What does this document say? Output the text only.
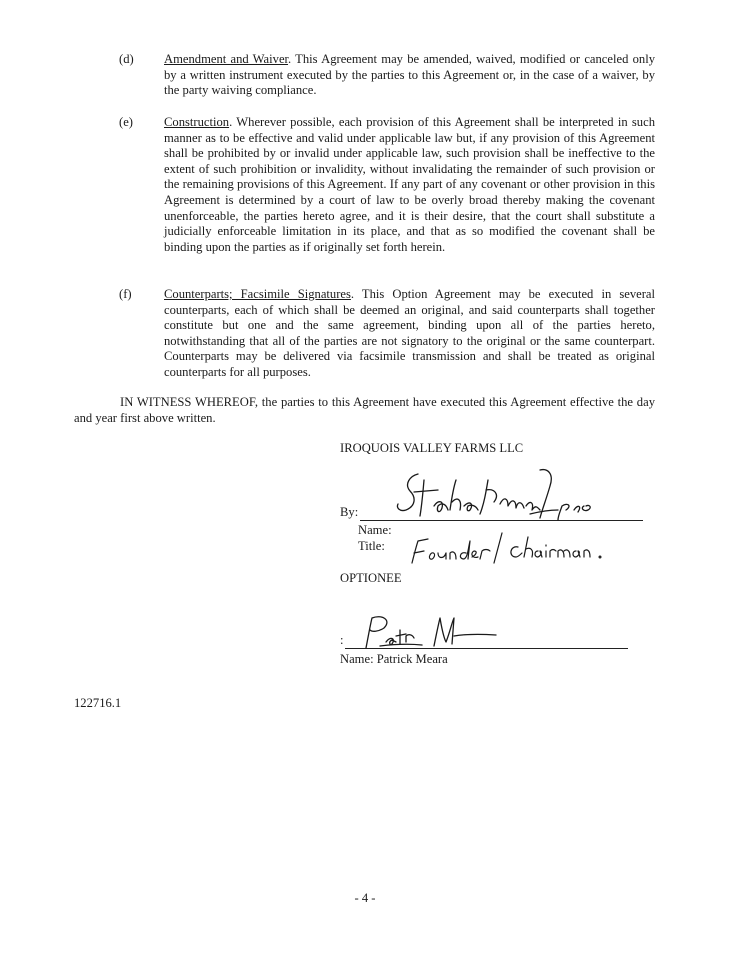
(d) Amendment and Waiver. This Agreement may be amended, waived, modified or canceled only by a written instrument executed by the parties to this Agreement or, in the case of a waiver, by the party waiving compliance.
(e) Construction. Wherever possible, each provision of this Agreement shall be interpreted in such manner as to be effective and valid under applicable law but, if any provision of this Agreement shall be prohibited by or invalid under applicable law, such provision shall be ineffective to the extent of such prohibition or invalidity, without invalidating the remainder of such provision or the remaining provisions of this Agreement. If any part of any covenant or other provision in this Agreement is determined by a court of law to be overly broad thereby making the covenant unenforceable, the parties hereto agree, and it is their desire, that the court shall substitute a judicially enforceable limitation in its place, and that as so modified the covenant shall be binding upon the parties as if originally set forth herein.
(f)	Counterparts; Facsimile Signatures. This Option Agreement may be executed in several counterparts, each of which shall be deemed an original, and said counterparts shall together constitute but one and the same agreement, binding upon all of the parties hereto, notwithstanding that all of the parties are not signatory to the original or the same counterpart. Counterparts may be delivered via facsimile transmission and shall be treated as original counterparts for all purposes.
IN WITNESS WHEREOF, the parties to this Agreement have executed this Agreement effective the day and year first above written.
IROQUOIS VALLEY FARMS LLC
By:
Name:
Title:
OPTIONEE
:
Name: Patrick Meara
122716.1
- 4 -
